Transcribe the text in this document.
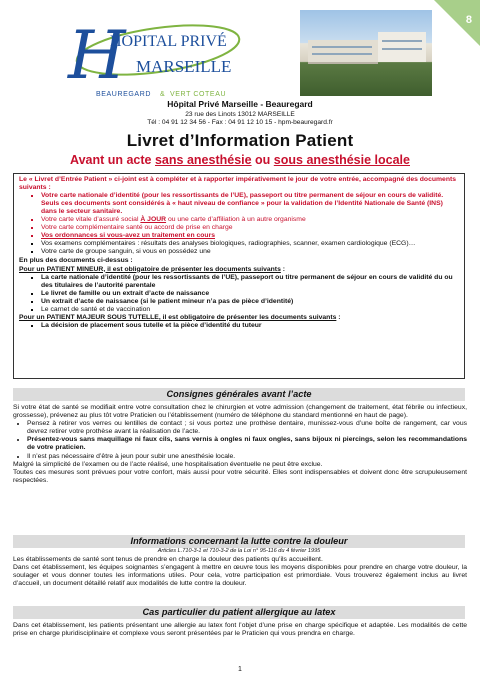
8
H
HOPITAL PRIVÉ
MARSEILLE
BEAUREGARD & VERT COTEAU
23 rue des Linots 13012 MARSEILLE
Tél : 04 91 12 34 56 - Fax : 04 91 12 10 15 - hpm-beauregard.fr
Hôpital Privé Marseille - Beauregard
Livret d’Information Patient
Avant un acte sans anesthésie ou sous anesthésie locale
Le « Livret d’Entrée Patient » ci-joint est à compléter et à rapporter impérativement le jour de votre entrée, accompagné des documents suivants :
▪ Votre carte nationale d’identité (pour les ressortissants de l’UE), passeport ou titre permanent de séjour en cours de validité. Seuls ces documents sont considérés à « haut niveau de confiance » pour la validation de l’Identité Nationale de Santé (INS) dans le secteur sanitaire.
▪ Votre carte vitale d’assuré social À JOUR ou une carte d’affiliation à un autre organisme
▪ Votre carte complémentaire santé ou accord de prise en charge
▪ Vos ordonnances si vous-avez un traitement en cours
▪ Vos examens complémentaires : résultats des analyses biologiques, radiographies, scanner, examen cardiologique (ECG)…
▪ Votre carte de groupe sanguin, si vous en possédez une
En plus des documents ci-dessus :
Pour un PATIENT MINEUR, il est obligatoire de présenter les documents suivants :
▪ La carte nationale d’identité (pour les ressortissants de l’UE), passeport ou titre permanent de séjour en cours de validité du ou des titulaires de l’autorité parentale
▪ Le livret de famille ou un extrait d’acte de naissance
▪ Un extrait d’acte de naissance (si le patient mineur n’a pas de pièce d’identité)
▪ Le carnet de santé et de vaccination
Pour un PATIENT MAJEUR SOUS TUTELLE, il est obligatoire de présenter les documents suivants :
▪ La décision de placement sous tutelle et la pièce d’identité du tuteur
Consignes générales avant l’acte
Si votre état de santé se modifiait entre votre consultation chez le chirurgien et votre admission (changement de traitement, état fébrile ou infectieux, grossesse), prévenez au plus tôt votre Praticien ou l’établissement (numéro de téléphone du standard mentionné en haut de page).
• Pensez à retirer vos verres ou lentilles de contact ; si vous portez une prothèse dentaire, munissez-vous d’une boîte de rangement, car vous devrez retirer votre prothèse avant la réalisation de l’acte.
• Présentez-vous sans maquillage ni faux cils, sans vernis à ongles ni faux ongles, sans bijoux ni piercings, selon les recommandations de votre praticien.
• Il n’est pas nécessaire d’être à jeun pour subir une anesthésie locale.
Malgré la simplicité de l’examen ou de l’acte réalisé, une hospitalisation éventuelle ne peut être exclue.
Toutes ces mesures sont prévues pour votre confort, mais aussi pour votre sécurité. Elles sont indispensables et doivent donc être scrupuleusement respectées.
Informations concernant la lutte contre la douleur
Articles L.710-3-1 et 710-3-2 de la Loi n° 95-116 du 4 février 1995
Les établissements de santé sont tenus de prendre en charge la douleur des patients qu’ils accueillent.
Dans cet établissement, les équipes soignantes s’engagent à mettre en œuvre tous les moyens disponibles pour prendre en charge votre douleur, la soulager et vous donner toutes les informations utiles. Pour cela, votre participation est primordiale. Vous trouverez également inclus au livret d’accueil, un document détaillé relatif aux modalités de lutte contre la douleur.
Cas particulier du patient allergique au latex
Dans cet établissement, les patients présentant une allergie au latex font l’objet d’une prise en charge spécifique et adaptée. Les modalités de cette prise en charge pluridisciplinaire et complexe vous seront présentées par le Praticien qui vous prendra en charge.
1
